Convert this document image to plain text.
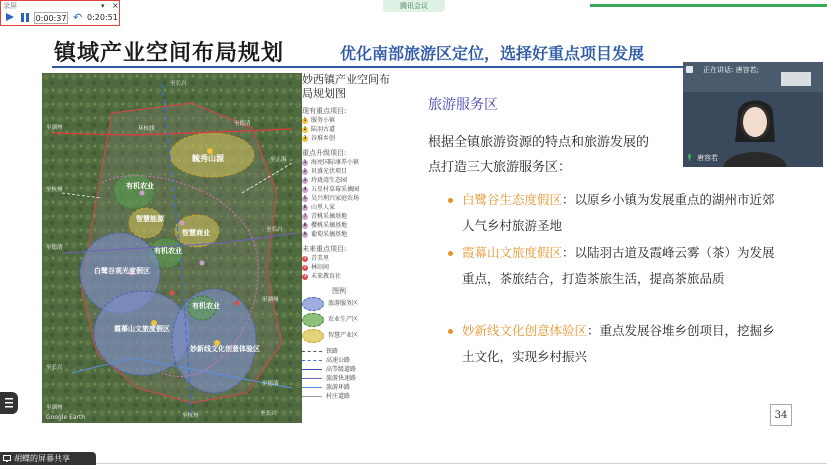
录屏	▾ ×
0:00:37 ↶ 0:20:51
腾讯会议
镇域产业空间布局规划	优化南部旅游区定位，选择好重点项目发展
毓秀山源
有机农业
智慧能源
智慧商业
有机农业
白鹭谷观光度假区
霞幕山文旅度假区
妙新线文化创意体验区
有机农业
环杭线
至湖州
至德清
至上海
至长兴
至杭州
至长兴
至德清
至湖州
至长兴
至德清
至杭州
至湖州
至长兴
Google Earth
妙西镇产业空间布局规划图
现有重点项目:
1 服务小镇
2 陆羽古道
3 谷堆乡创
重点升级项目:
1 海亮国际康养小镇
2 贝盛光伏项目
3 玲珑湾生态园
4 五星村草莓采摘园
5 吴兴利兴家庭农场
6 山里人家
7 青桃采摘基地
8 樱桃采摘基地
9 葡萄采摘基地
未来重点项目:
1 青美里
2 林田间
3 未来教育社
图例
旅游服务区
农业生产区
智慧产业区
铁路
高速公路
高等级道路
旅游快速路
旅游环路
村庄道路
旅游服务区
根据全镇旅游资源的特点和旅游发展的
点打造三大旅游服务区：
白鹭谷生态度假区：以原乡小镇为发展重点的湖州市近郊人气乡村旅游圣地
霞幕山文旅度假区：以陆羽古道及霞峰云雾（茶）为发展重点，茶旅结合，打造茶旅生活，提高茶旅品质
妙新线文化创意体验区：重点发展谷堆乡创项目，挖掘乡土文化，实现乡村振兴
34
正在讲话: 唐容若;
唐容若
胡蝶的屏幕共享
